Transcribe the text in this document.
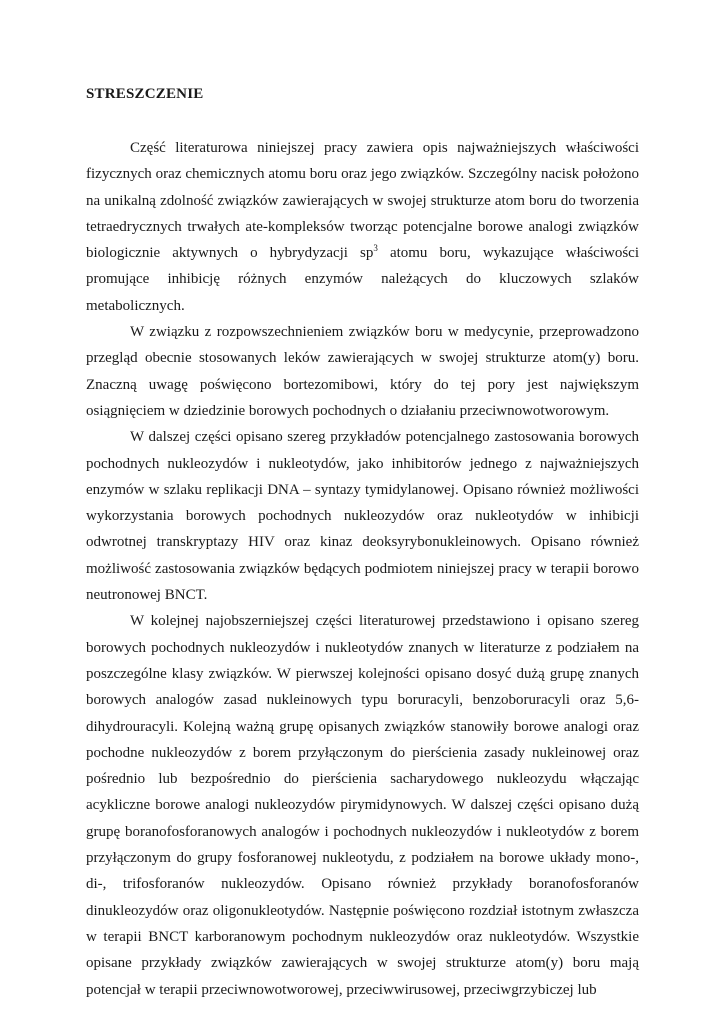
STRESZCZENIE

Część literaturowa niniejszej pracy zawiera opis najważniejszych właściwości fizycznych oraz chemicznych atomu boru oraz jego związków. Szczególny nacisk położono na unikalną zdolność związków zawierających w swojej strukturze atom boru do tworzenia tetraedrycznych trwałych ate-kompleksów tworząc potencjalne borowe analogi związków biologicznie aktywnych o hybrydyzacji $sp^3$ atomu boru, wykazujące właściwości promujące inhibicję różnych enzymów należących do kluczowych szlaków metabolicznych.

W związku z rozpowszechnieniem związków boru w medycynie, przeprowadzono przegląd obecnie stosowanych leków zawierających w swojej strukturze atom(y) boru. Znaczną uwagę poświęcono bortezomibowi, który do tej pory jest największym osiągnięciem w dziedzinie borowych pochodnych o działaniu przeciwnowotworowym.

W dalszej części opisano szereg przykładów potencjalnego zastosowania borowych pochodnych nukleozydów i nukleotydów, jako inhibitorów jednego z najważniejszych enzymów w szlaku replikacji DNA – syntazy tymidylanowej. Opisano również możliwości wykorzystania borowych pochodnych nukleozydów oraz nukleotydów w inhibicji odwrotnej transkryptazy HIV oraz kinaz deoksyrybonukleinowych. Opisano również możliwość zastosowania związków będących podmiotem niniejszej pracy w terapii borowo neutronowej BNCT.

W kolejnej najobszerniejszej części literaturowej przedstawiono i opisano szereg borowych pochodnych nukleozydów i nukleotydów znanych w literaturze z podziałem na poszczególne klasy związków. W pierwszej kolejności opisano dosyć dużą grupę znanych borowych analogów zasad nukleinowych typu boruracyli, benzoboruracyli oraz 5,6-dihydrouracyli. Kolejną ważną grupę opisanych związków stanowiły borowe analogi oraz pochodne nukleozydów z borem przyłączonym do pierścienia zasady nukleinowej oraz pośrednio lub bezpośrednio do pierścienia sacharydowego nukleozydu włączając acykliczne borowe analogi nukleozydów pirymidynowych. W dalszej części opisano dużą grupę boranofosforanowych analogów i pochodnych nukleozydów i nukleotydów z borem przyłączonym do grupy fosforanowej nukleotydu, z podziałem na borowe układy mono-, di-, trifosforanów nukleozydów. Opisano również przykłady boranofosforanów dinukleozydów oraz oligonukleotydów. Następnie poświęcono rozdział istotnym zwłaszcza w terapii BNCT karboranowym pochodnym nukleozydów oraz nukleotydów. Wszystkie opisane przykłady związków zawierających w swojej strukturze atom(y) boru mają potencjał w terapii przeciwnowotworowej, przeciwwirusowej, przeciwgrzybiczej lub
